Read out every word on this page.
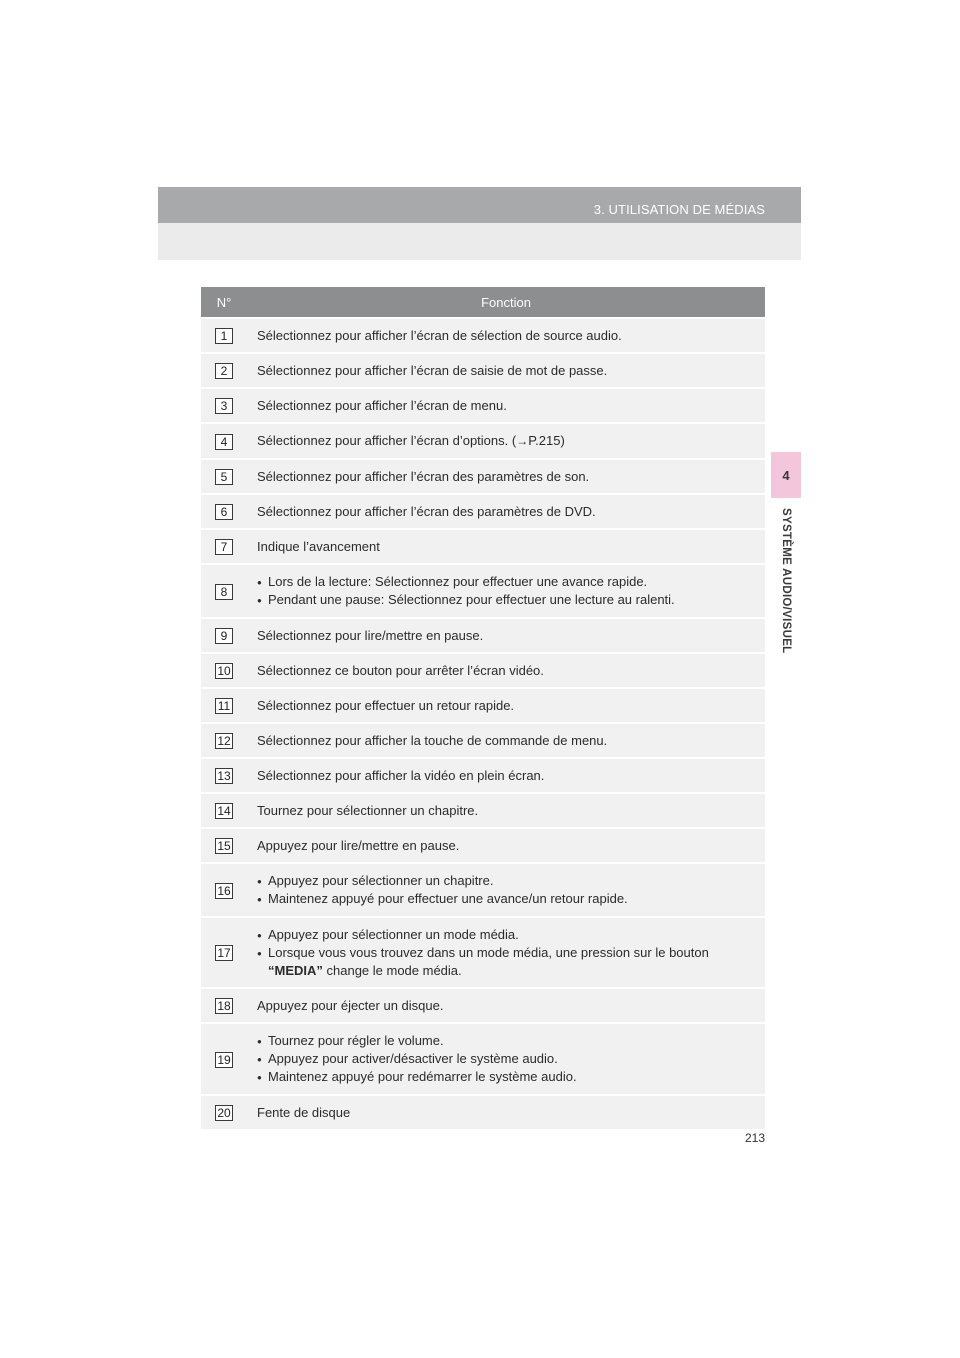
3. UTILISATION DE MÉDIAS
4
SYSTÈME AUDIO/VISUEL
N°	Fonction
1	Sélectionnez pour afficher l’écran de sélection de source audio.
2	Sélectionnez pour afficher l’écran de saisie de mot de passe.
3	Sélectionnez pour afficher l’écran de menu.
4	Sélectionnez pour afficher l’écran d’options. (→P.215)
5	Sélectionnez pour afficher l’écran des paramètres de son.
6	Sélectionnez pour afficher l’écran des paramètres de DVD.
7	Indique l’avancement
8	● Lors de la lecture: Sélectionnez pour effectuer une avance rapide.
● Pendant une pause: Sélectionnez pour effectuer une lecture au ralenti.

9	Sélectionnez pour lire/mettre en pause.
10	Sélectionnez ce bouton pour arrêter l’écran vidéo.
11	Sélectionnez pour effectuer un retour rapide.
12	Sélectionnez pour afficher la touche de commande de menu.
13	Sélectionnez pour afficher la vidéo en plein écran.
14	Tournez pour sélectionner un chapitre.
15	Appuyez pour lire/mettre en pause.
16	● Appuyez pour sélectionner un chapitre.
● Maintenez appuyé pour effectuer une avance/un retour rapide.

17	● Appuyez pour sélectionner un mode média.
● Lorsque vous vous trouvez dans un mode média, une pression sur le bouton “MEDIA” change le mode média.

18	Appuyez pour éjecter un disque.
19	● Tournez pour régler le volume.
● Appuyez pour activer/désactiver le système audio.
● Maintenez appuyé pour redémarrer le système audio.

20	Fente de disque
213
